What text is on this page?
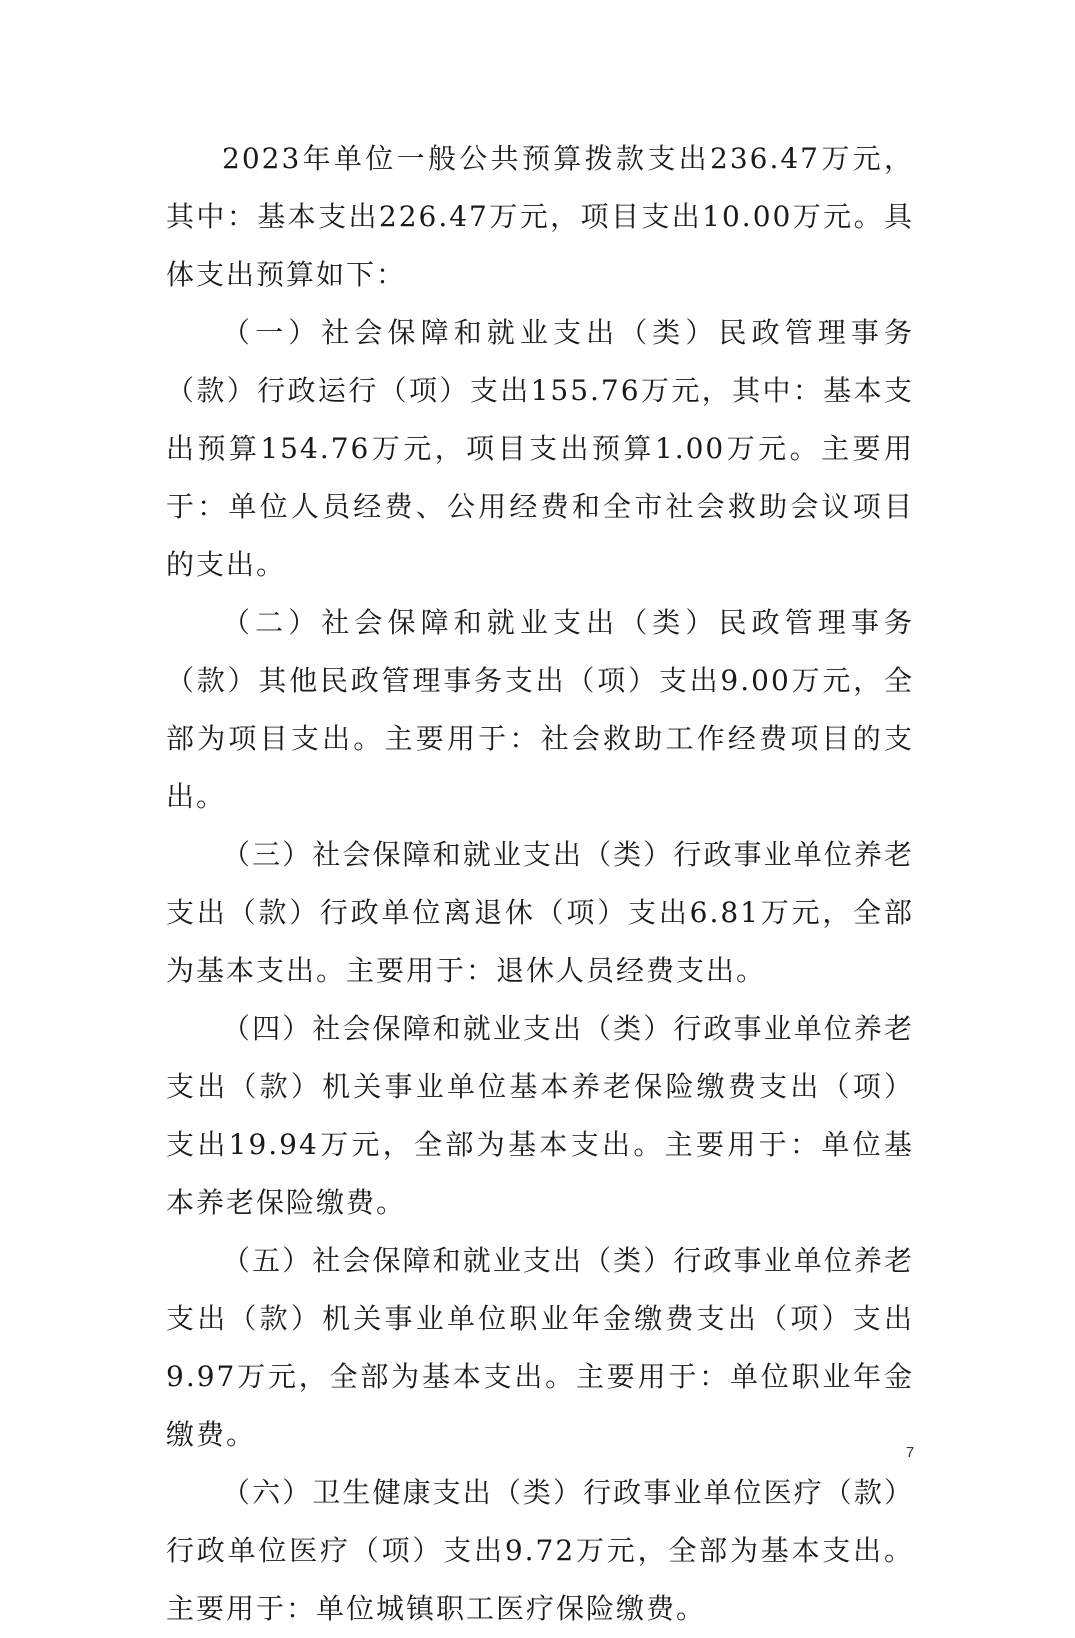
2023年单位一般公共预算拨款支出236.47万元，其中：基本支出226.47万元，项目支出10.00万元。具体支出预算如下：

（一）社会保障和就业支出（类）民政管理事务（款）行政运行（项）支出155.76万元，其中：基本支出预算154.76万元，项目支出预算1.00万元。主要用于：单位人员经费、公用经费和全市社会救助会议项目的支出。

（二）社会保障和就业支出（类）民政管理事务（款）其他民政管理事务支出（项）支出9.00万元，全部为项目支出。主要用于：社会救助工作经费项目的支出。

（三）社会保障和就业支出（类）行政事业单位养老支出（款）行政单位离退休（项）支出6.81万元，全部为基本支出。主要用于：退休人员经费支出。

（四）社会保障和就业支出（类）行政事业单位养老支出（款）机关事业单位基本养老保险缴费支出（项）支出19.94万元，全部为基本支出。主要用于：单位基本养老保险缴费。

（五）社会保障和就业支出（类）行政事业单位养老支出（款）机关事业单位职业年金缴费支出（项）支出9.97万元，全部为基本支出。主要用于：单位职业年金缴费。

（六）卫生健康支出（类）行政事业单位医疗（款）行政单位医疗（项）支出9.72万元，全部为基本支出。主要用于：单位城镇职工医疗保险缴费。

7
